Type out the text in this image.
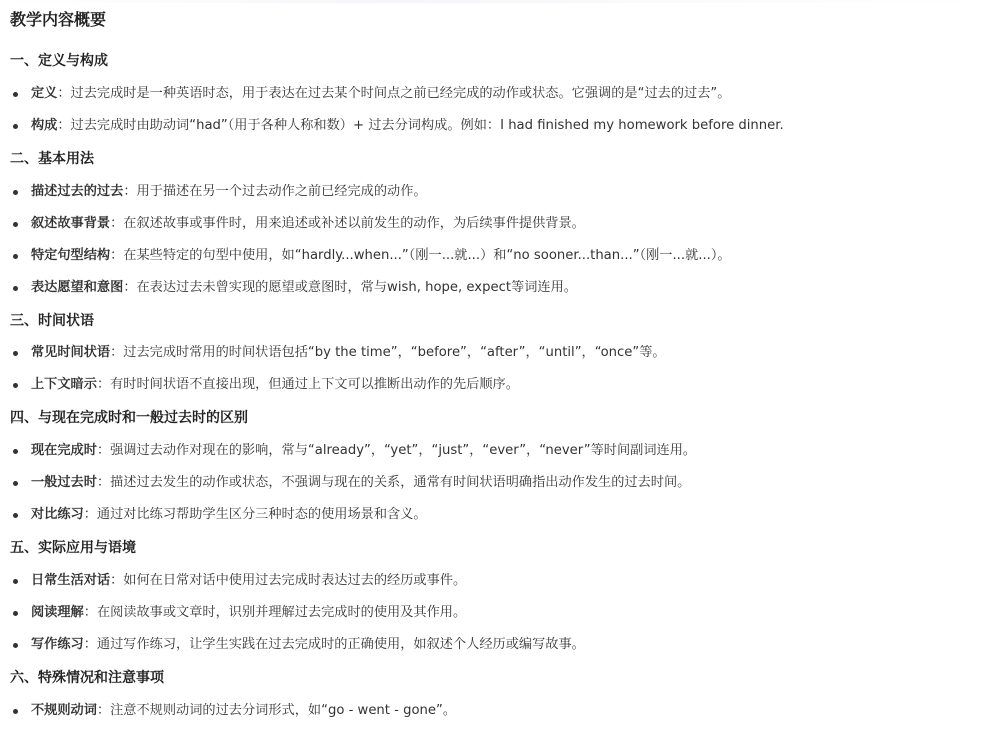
教学内容概要
一、定义与构成
定义：过去完成时是一种英语时态，用于表达在过去某个时间点之前已经完成的动作或状态。它强调的是“过去的过去”。
构成：过去完成时由助动词“had”（用于各种人称和数）+ 过去分词构成。例如：I had finished my homework before dinner.
二、基本用法
描述过去的过去：用于描述在另一个过去动作之前已经完成的动作。
叙述故事背景：在叙述故事或事件时，用来追述或补述以前发生的动作，为后续事件提供背景。
特定句型结构：在某些特定的句型中使用，如“hardly...when...”（刚一...就...）和“no sooner...than...”（刚一...就...）。
表达愿望和意图：在表达过去未曾实现的愿望或意图时，常与wish, hope, expect等词连用。
三、时间状语
常见时间状语：过去完成时常用的时间状语包括“by the time”，“before”，“after”，“until”，“once”等。
上下文暗示：有时时间状语不直接出现，但通过上下文可以推断出动作的先后顺序。
四、与现在完成时和一般过去时的区别
现在完成时：强调过去动作对现在的影响，常与“already”，“yet”，“just”，“ever”，“never”等时间副词连用。
一般过去时：描述过去发生的动作或状态，不强调与现在的关系，通常有时间状语明确指出动作发生的过去时间。
对比练习：通过对比练习帮助学生区分三种时态的使用场景和含义。
五、实际应用与语境
日常生活对话：如何在日常对话中使用过去完成时表达过去的经历或事件。
阅读理解：在阅读故事或文章时，识别并理解过去完成时的使用及其作用。
写作练习：通过写作练习，让学生实践在过去完成时的正确使用，如叙述个人经历或编写故事。
六、特殊情况和注意事项
不规则动词：注意不规则动词的过去分词形式，如“go - went - gone”。
